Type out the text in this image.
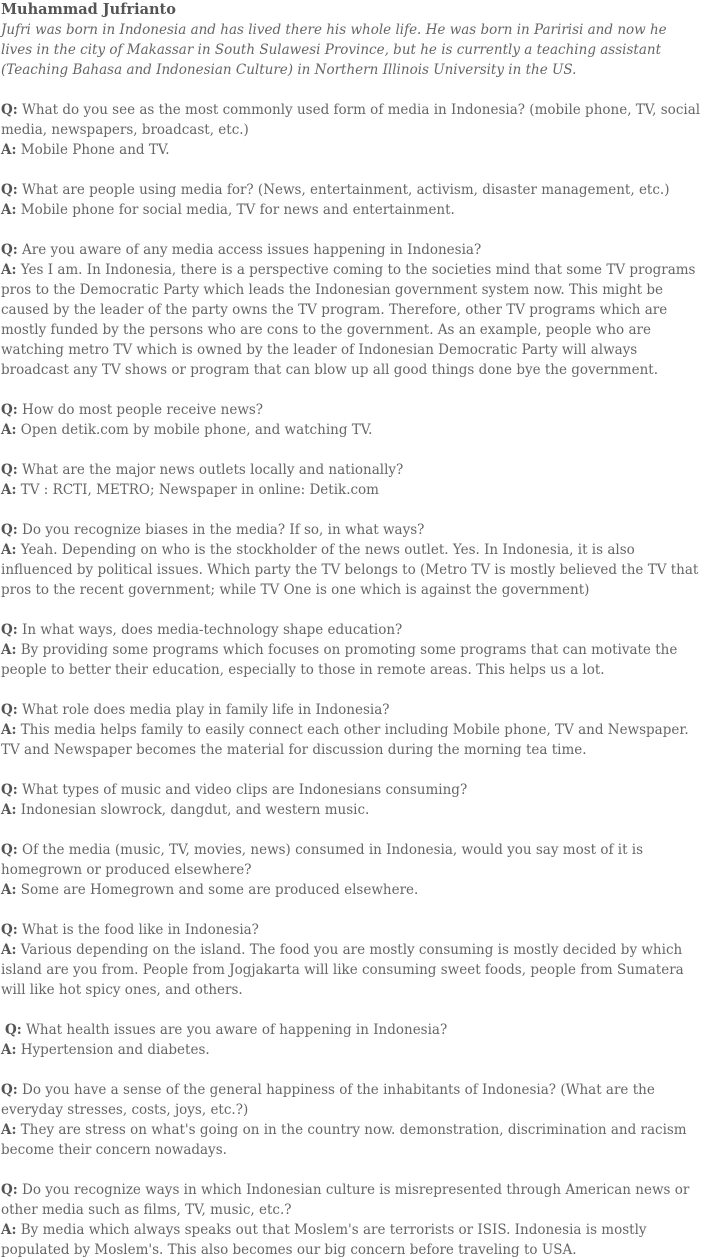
Muhammad Jufrianto

Jufri was born in Indonesia and has lived there his whole life. He was born in Paririsi and now he lives in the city of Makassar in South Sulawesi Province, but he is currently a teaching assistant (Teaching Bahasa and Indonesian Culture) in Northern Illinois University in the US.

Q: What do you see as the most commonly used form of media in Indonesia? (mobile phone, TV, social media, newspapers, broadcast, etc.)

A: Mobile Phone and TV.

Q: What are people using media for? (News, entertainment, activism, disaster management, etc.)

A: Mobile phone for social media, TV for news and entertainment.

Q: Are you aware of any media access issues happening in Indonesia?

A: Yes I am. In Indonesia, there is a perspective coming to the societies mind that some TV programs pros to the Democratic Party which leads the Indonesian government system now. This might be caused by the leader of the party owns the TV program. Therefore, other TV programs which are mostly funded by the persons who are cons to the government. As an example, people who are watching metro TV which is owned by the leader of Indonesian Democratic Party will always broadcast any TV shows or program that can blow up all good things done bye the government.

Q: How do most people receive news?

A: Open detik.com by mobile phone, and watching TV.

Q: What are the major news outlets locally and nationally?

A: TV : RCTI, METRO; Newspaper in online: Detik.com

Q: Do you recognize biases in the media? If so, in what ways?

A: Yeah. Depending on who is the stockholder of the news outlet. Yes. In Indonesia, it is also influenced by political issues. Which party the TV belongs to (Metro TV is mostly believed the TV that pros to the recent government; while TV One is one which is against the government)

Q: In what ways, does media-technology shape education?

A: By providing some programs which focuses on promoting some programs that can motivate the people to better their education, especially to those in remote areas. This helps us a lot.

Q: What role does media play in family life in Indonesia?

A: This media helps family to easily connect each other including Mobile phone, TV and Newspaper. TV and Newspaper becomes the material for discussion during the morning tea time.

Q: What types of music and video clips are Indonesians consuming?

A: Indonesian slowrock, dangdut, and western music.

Q: Of the media (music, TV, movies, news) consumed in Indonesia, would you say most of it is homegrown or produced elsewhere?

A: Some are Homegrown and some are produced elsewhere.

Q: What is the food like in Indonesia?

A: Various depending on the island. The food you are mostly consuming is mostly decided by which island are you from. People from Jogjakarta will like consuming sweet foods, people from Sumatera will like hot spicy ones, and others.

Q: What health issues are you aware of happening in Indonesia?

A: Hypertension and diabetes.

Q: Do you have a sense of the general happiness of the inhabitants of Indonesia? (What are the everyday stresses, costs, joys, etc.?)

A: They are stress on what's going on in the country now. demonstration, discrimination and racism become their concern nowadays.

Q: Do you recognize ways in which Indonesian culture is misrepresented through American news or other media such as films, TV, music, etc.?

A: By media which always speaks out that Moslem's are terrorists or ISIS. Indonesia is mostly populated by Moslem's. This also becomes our big concern before traveling to USA.
